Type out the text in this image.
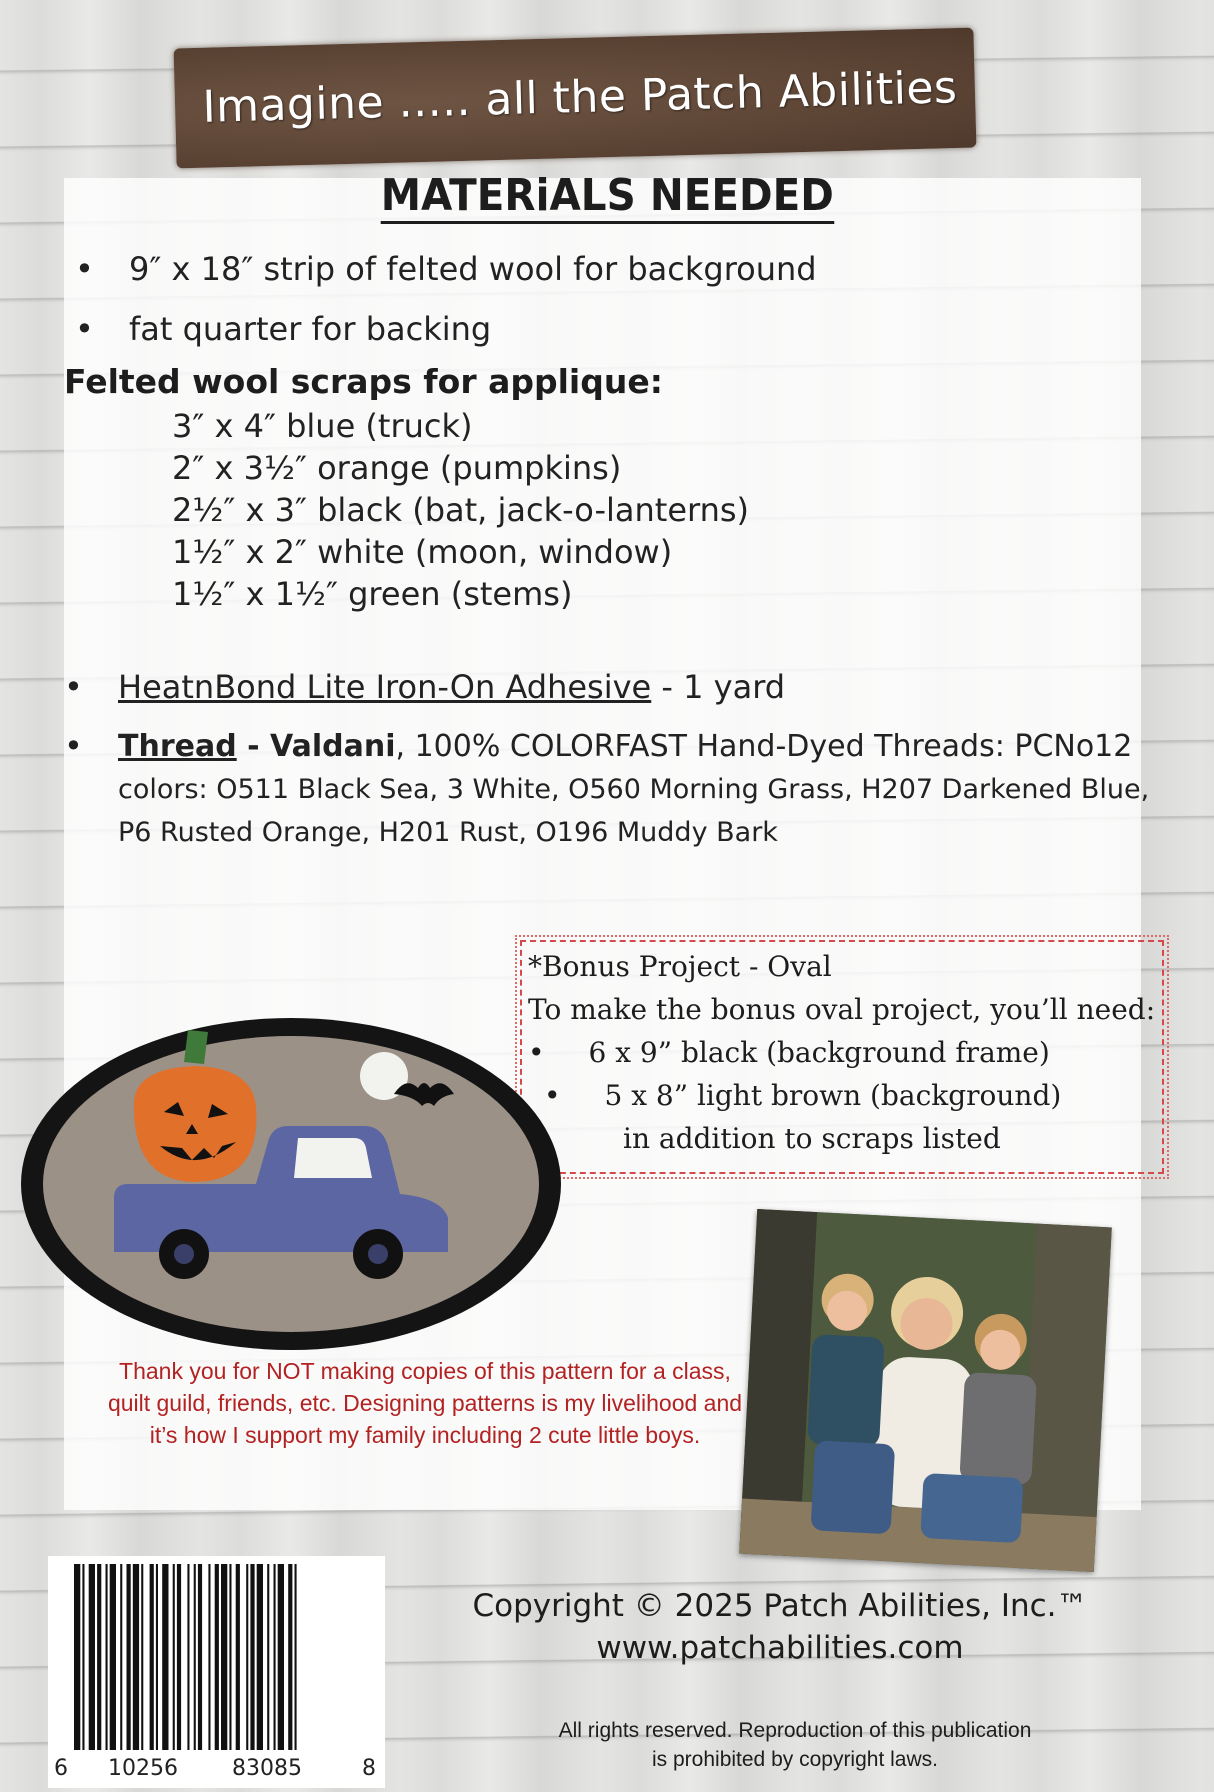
Imagine ..... all the Patch Abilities
MATERiALS NEEDED
• 9″ x 18″ strip of felted wool for background
• fat quarter for backing
Felted wool scraps for applique:
3″ x 4″ blue (truck)
2″ x 3½″ orange (pumpkins)
2½″ x 3″ black (bat, jack-o-lanterns)
1½″ x 2″ white (moon, window)
1½″ x 1½″ green (stems)
• HeatnBond Lite Iron-On Adhesive - 1 yard
• Thread - Valdani, 100% COLORFAST Hand-Dyed Threads: PCNo12
colors: O511 Black Sea, 3 White, O560 Morning Grass, H207 Darkened Blue,
P6 Rusted Orange, H201 Rust, O196 Muddy Bark
*Bonus Project - Oval
To make the bonus oval project, you’ll need:
• 6 x 9” black (background frame)
• 5 x 8” light brown (background)
in addition to scraps listed
Thank you for NOT making copies of this pattern for a class, quilt guild, friends, etc. Designing patterns is my livelihood and it’s how I support my family including 2 cute little boys.
6 10256 83085	8
Copyright © 2025 Patch Abilities, Inc.™
www.patchabilities.com
All rights reserved. Reproduction of this publication
is prohibited by copyright laws.
